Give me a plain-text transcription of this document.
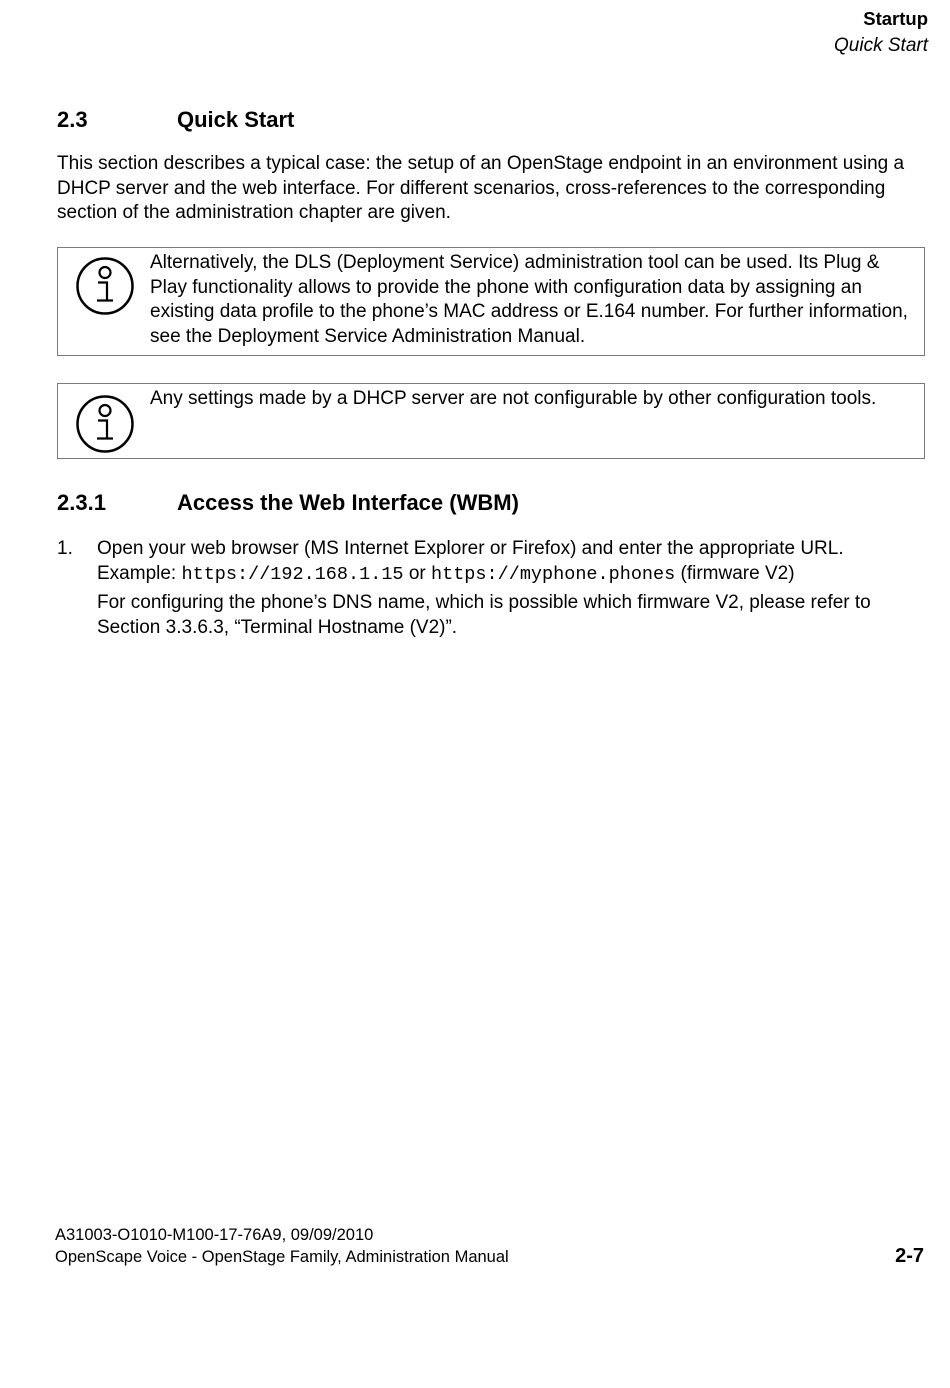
Startup
Quick Start
2.3	Quick Start
This section describes a typical case: the setup of an OpenStage endpoint in an environment using a DHCP server and the web interface. For different scenarios, cross-references to the corresponding section of the administration chapter are given.
Alternatively, the DLS (Deployment Service) administration tool can be used. Its Plug & Play functionality allows to provide the phone with configuration data by assigning an existing data profile to the phone’s MAC address or E.164 number. For further information, see the Deployment Service Administration Manual.
Any settings made by a DHCP server are not configurable by other configuration tools.
2.3.1	Access the Web Interface (WBM)
1. Open your web browser (MS Internet Explorer or Firefox) and enter the appropriate URL.
Example: https://192.168.1.15 or https://myphone.phones (firmware V2)
For configuring the phone’s DNS name, which is possible which firmware V2, please refer to Section 3.3.6.3, “Terminal Hostname (V2)”.
A31003-O1010-M100-17-76A9, 09/09/2010
OpenScape Voice - OpenStage Family, Administration Manual	2-7
